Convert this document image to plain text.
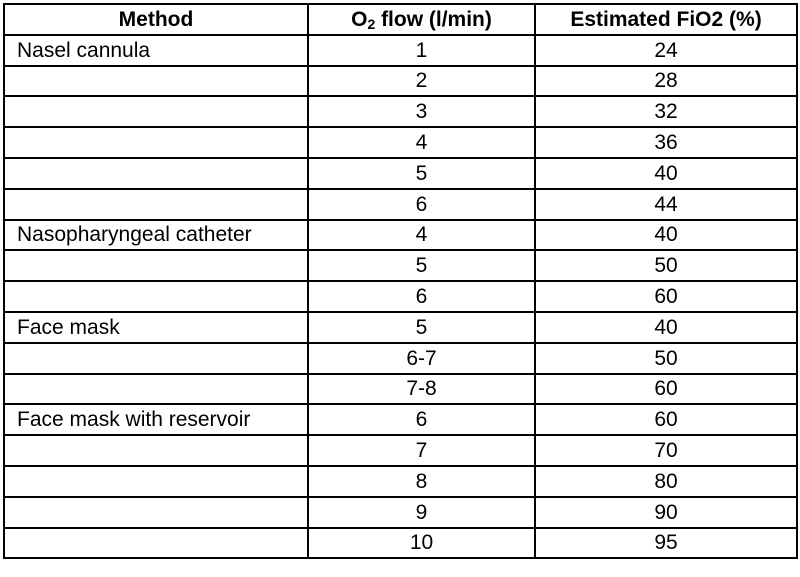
Method	$O_2$ flow (l/min)	Estimated FiO2 (%)
Nasel cannula	1	24
	2	28
	3	32
	4	36
	5	40
	6	44
Nasopharyngeal catheter	4	40
	5	50
	6	60
Face mask	5	40
	6-7	50
	7-8	60
Face mask with reservoir	6	60
	7	70
	8	80
	9	90
	10	95
